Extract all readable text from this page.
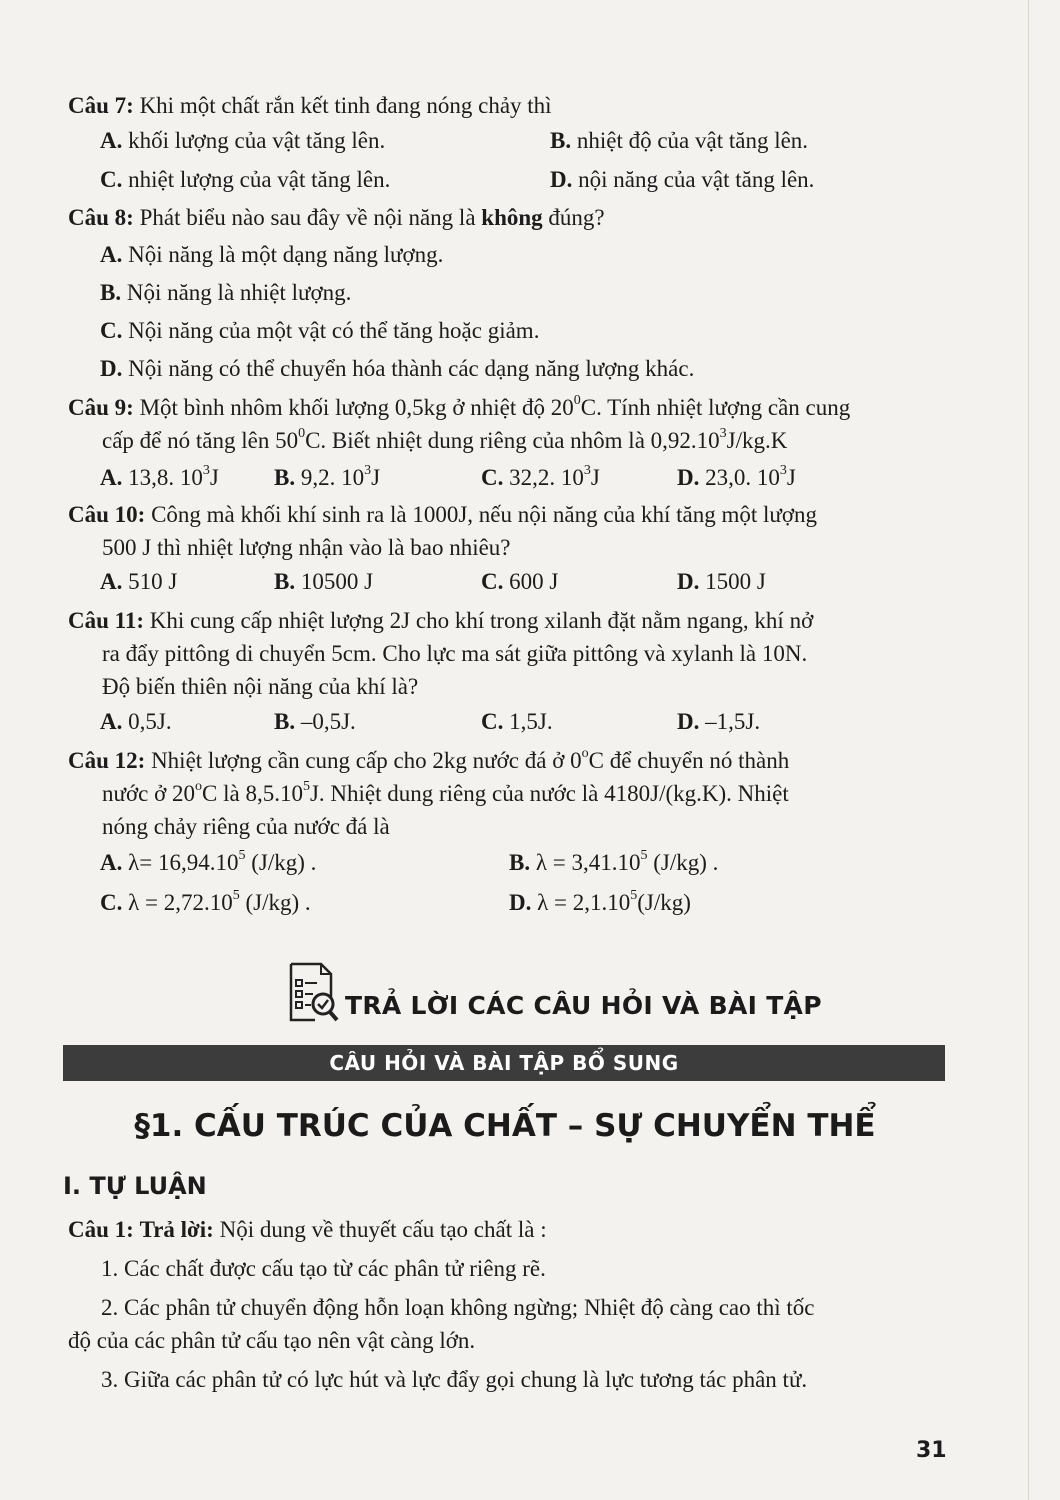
Câu 7: Khi một chất rắn kết tinh đang nóng chảy thì
A. khối lượng của vật tăng lên.	B. nhiệt độ của vật tăng lên.
C. nhiệt lượng của vật tăng lên.	D. nội năng của vật tăng lên.
Câu 8: Phát biểu nào sau đây về nội năng là không đúng?
A. Nội năng là một dạng năng lượng.
B. Nội năng là nhiệt lượng.
C. Nội năng của một vật có thể tăng hoặc giảm.
D. Nội năng có thể chuyển hóa thành các dạng năng lượng khác.
Câu 9: Một bình nhôm khối lượng 0,5kg ở nhiệt độ $20^0C$. Tính nhiệt lượng cần cung
cấp để nó tăng lên $50^0C$. Biết nhiệt dung riêng của nhôm là 0,92.10$^3$J/kg.K
A. 13,8. $10^3J$ B. 9,2. $10^3J$	C. 32,2. $10^3J$	D. 23,0. $10^3J$
Câu 10: Công mà khối khí sinh ra là 1000J, nếu nội năng của khí tăng một lượng
500 J thì nhiệt lượng nhận vào là bao nhiêu?
A. 510 J	B. 10500 J	C. 600 J	D. 1500 J
Câu 11: Khi cung cấp nhiệt lượng 2J cho khí trong xilanh đặt nằm ngang, khí nở
ra đẩy pittông di chuyển 5cm. Cho lực ma sát giữa pittông và xylanh là 10N.
Độ biến thiên nội năng của khí là?
A. 0,5J.	B. –0,5J.	C. 1,5J.	D. –1,5J.
Câu 12: Nhiệt lượng cần cung cấp cho 2kg nước đá ở 0$^o$C để chuyển nó thành
nước ở 20$^o$C là 8,5.10$^5$J. Nhiệt dung riêng của nước là 4180J/(kg.K). Nhiệt
nóng chảy riêng của nước đá là
A. $\lambda= 16,94.10^5$ (J/kg) .	B. $\lambda = 3,41.10^5$ (J/kg) .
C. $\lambda = 2,72.10^5$ (J/kg) .	D. $\lambda = 2,1.10^5(J/kg)$
TRẢ LỜI CÁC CÂU HỎI VÀ BÀI TẬP
CÂU HỎI VÀ BÀI TẬP BỔ SUNG
§1. CẤU TRÚC CỦA CHẤT – SỰ CHUYỂN THỂ
I. TỰ LUẬN
Câu 1: Trả lời: Nội dung về thuyết cấu tạo chất là :
1. Các chất được cấu tạo từ các phân tử riêng rẽ.
2. Các phân tử chuyển động hỗn loạn không ngừng; Nhiệt độ càng cao thì tốc
độ của các phân tử cấu tạo nên vật càng lớn.
3. Giữa các phân tử có lực hút và lực đẩy gọi chung là lực tương tác phân tử.
31
